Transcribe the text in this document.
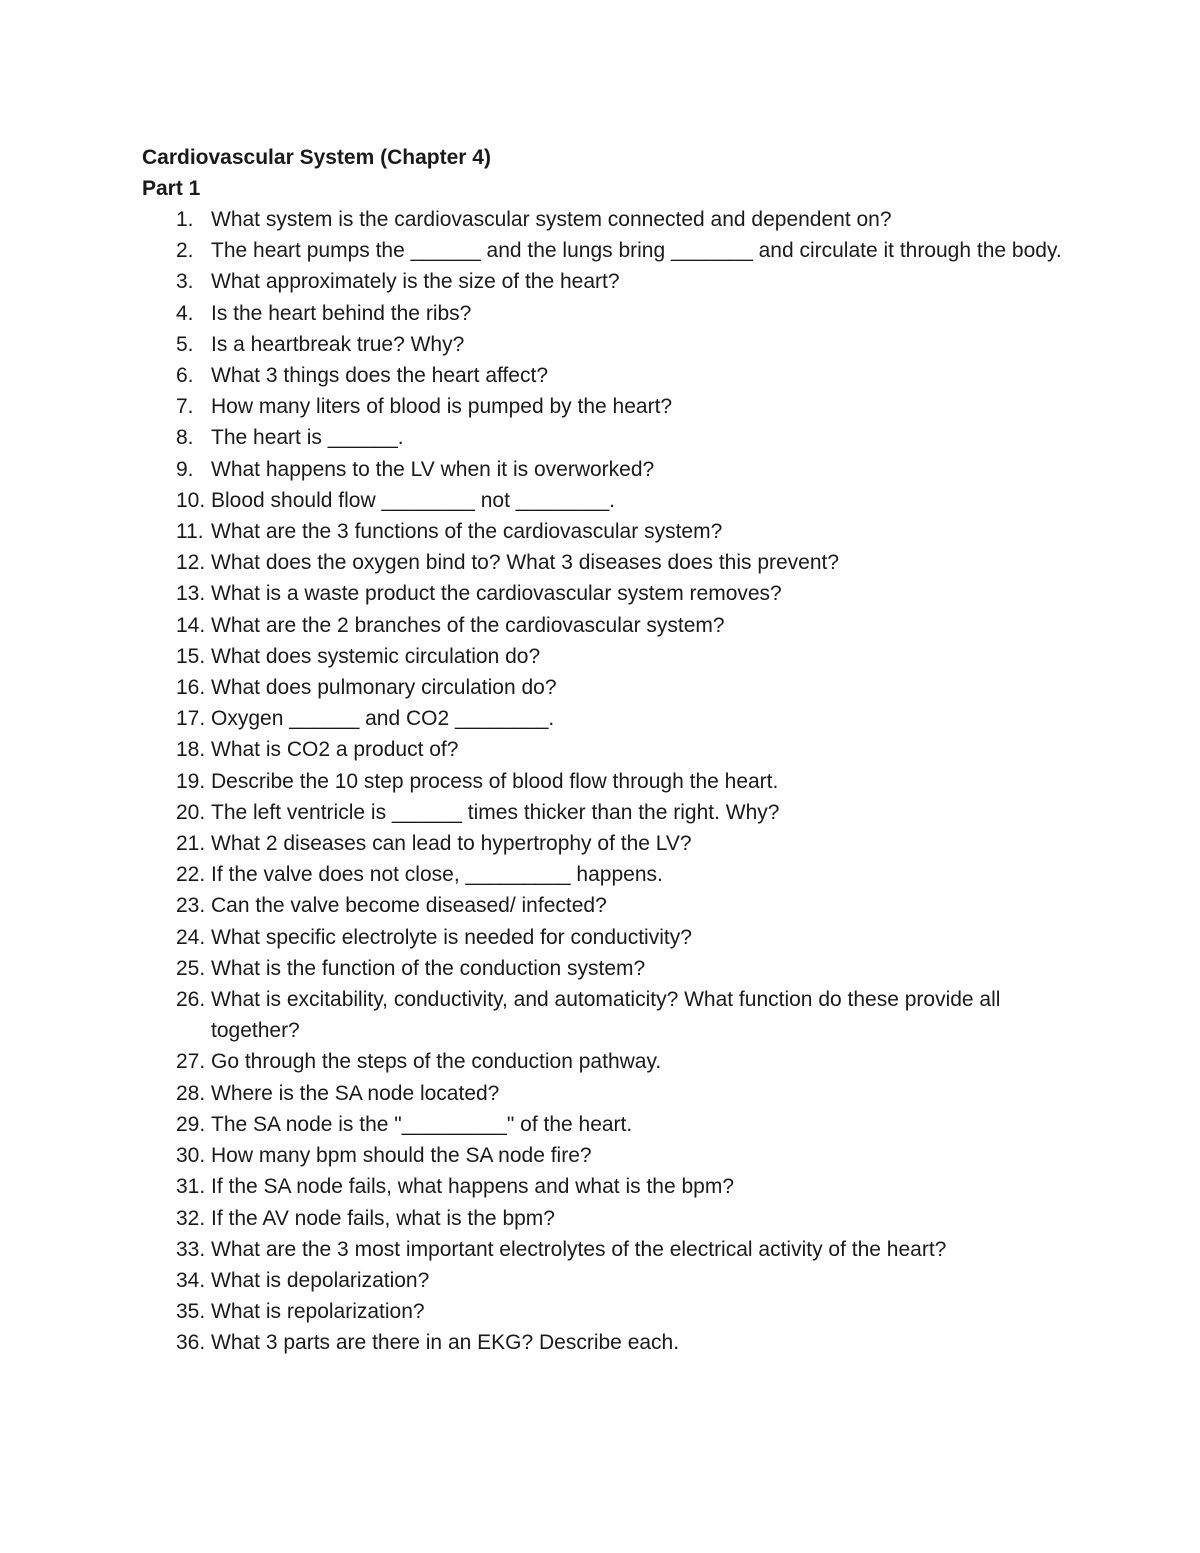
Cardiovascular System (Chapter 4)
Part 1
1. What system is the cardiovascular system connected and dependent on?
2. The heart pumps the ______ and the lungs bring _______ and circulate it through the body.
3. What approximately is the size of the heart?
4. Is the heart behind the ribs?
5. Is a heartbreak true? Why?
6. What 3 things does the heart affect?
7. How many liters of blood is pumped by the heart?
8. The heart is ______.
9. What happens to the LV when it is overworked?
10. Blood should flow ________ not ________.
11. What are the 3 functions of the cardiovascular system?
12. What does the oxygen bind to? What 3 diseases does this prevent?
13. What is a waste product the cardiovascular system removes?
14. What are the 2 branches of the cardiovascular system?
15. What does systemic circulation do?
16. What does pulmonary circulation do?
17. Oxygen ______ and CO2 ________.
18. What is CO2 a product of?
19. Describe the 10 step process of blood flow through the heart.
20. The left ventricle is ______ times thicker than the right. Why?
21. What 2 diseases can lead to hypertrophy of the LV?
22. If the valve does not close, _________ happens.
23. Can the valve become diseased/ infected?
24. What specific electrolyte is needed for conductivity?
25. What is the function of the conduction system?
26. What is excitability, conductivity, and automaticity? What function do these provide all together?
27. Go through the steps of the conduction pathway.
28. Where is the SA node located?
29. The SA node is the "_________" of the heart.
30. How many bpm should the SA node fire?
31. If the SA node fails, what happens and what is the bpm?
32. If the AV node fails, what is the bpm?
33. What are the 3 most important electrolytes of the electrical activity of the heart?
34. What is depolarization?
35. What is repolarization?
36. What 3 parts are there in an EKG? Describe each.
